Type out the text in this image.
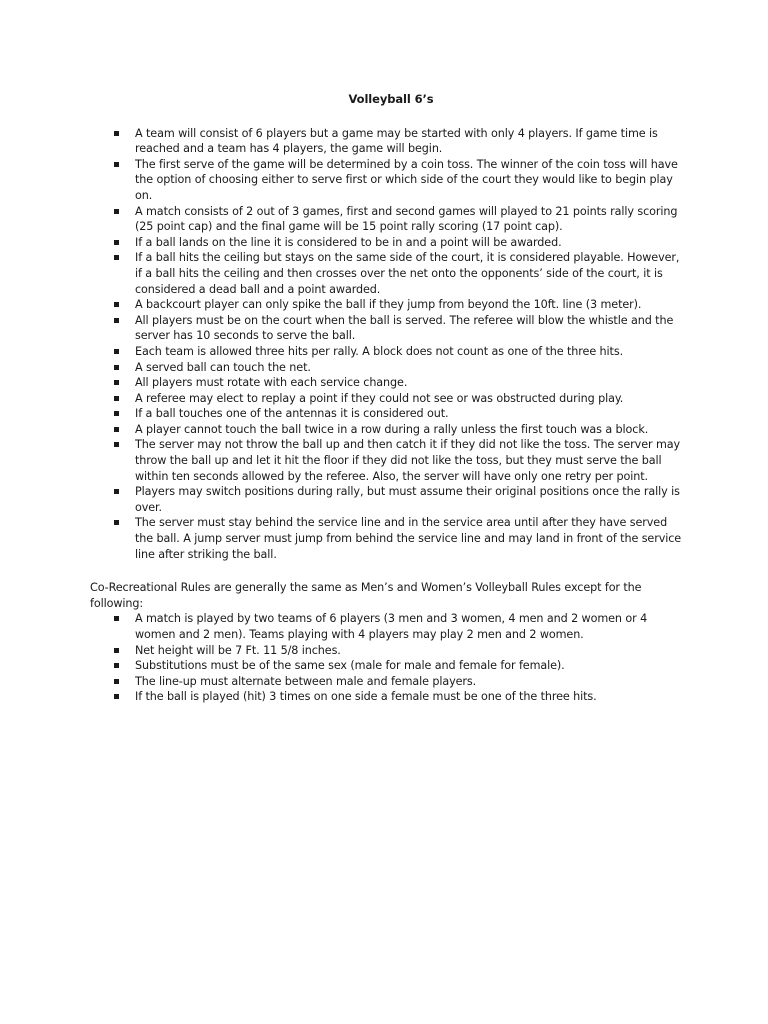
Volleyball 6’s
A team will consist of 6 players but a game may be started with only 4 players. If game time is reached and a team has 4 players, the game will begin.
The first serve of the game will be determined by a coin toss. The winner of the coin toss will have the option of choosing either to serve first or which side of the court they would like to begin play on.
A match consists of 2 out of 3 games, first and second games will played to 21 points rally scoring (25 point cap) and the final game will be 15 point rally scoring (17 point cap).
If a ball lands on the line it is considered to be in and a point will be awarded.
If a ball hits the ceiling but stays on the same side of the court, it is considered playable. However, if a ball hits the ceiling and then crosses over the net onto the opponents’ side of the court, it is considered a dead ball and a point awarded.
A backcourt player can only spike the ball if they jump from beyond the 10ft. line (3 meter).
All players must be on the court when the ball is served. The referee will blow the whistle and the server has 10 seconds to serve the ball.
Each team is allowed three hits per rally. A block does not count as one of the three hits.
A served ball can touch the net.
All players must rotate with each service change.
A referee may elect to replay a point if they could not see or was obstructed during play.
If a ball touches one of the antennas it is considered out.
A player cannot touch the ball twice in a row during a rally unless the first touch was a block.
The server may not throw the ball up and then catch it if they did not like the toss. The server may throw the ball up and let it hit the floor if they did not like the toss, but they must serve the ball within ten seconds allowed by the referee. Also, the server will have only one retry per point.
Players may switch positions during rally, but must assume their original positions once the rally is over.
The server must stay behind the service line and in the service area until after they have served the ball. A jump server must jump from behind the service line and may land in front of the service line after striking the ball.
Co-Recreational Rules are generally the same as Men’s and Women’s Volleyball Rules except for the following:
A match is played by two teams of 6 players (3 men and 3 women, 4 men and 2 women or 4 women and 2 men). Teams playing with 4 players may play 2 men and 2 women.
Net height will be 7 Ft. 11 5/8 inches.
Substitutions must be of the same sex (male for male and female for female).
The line-up must alternate between male and female players.
If the ball is played (hit) 3 times on one side a female must be one of the three hits.
